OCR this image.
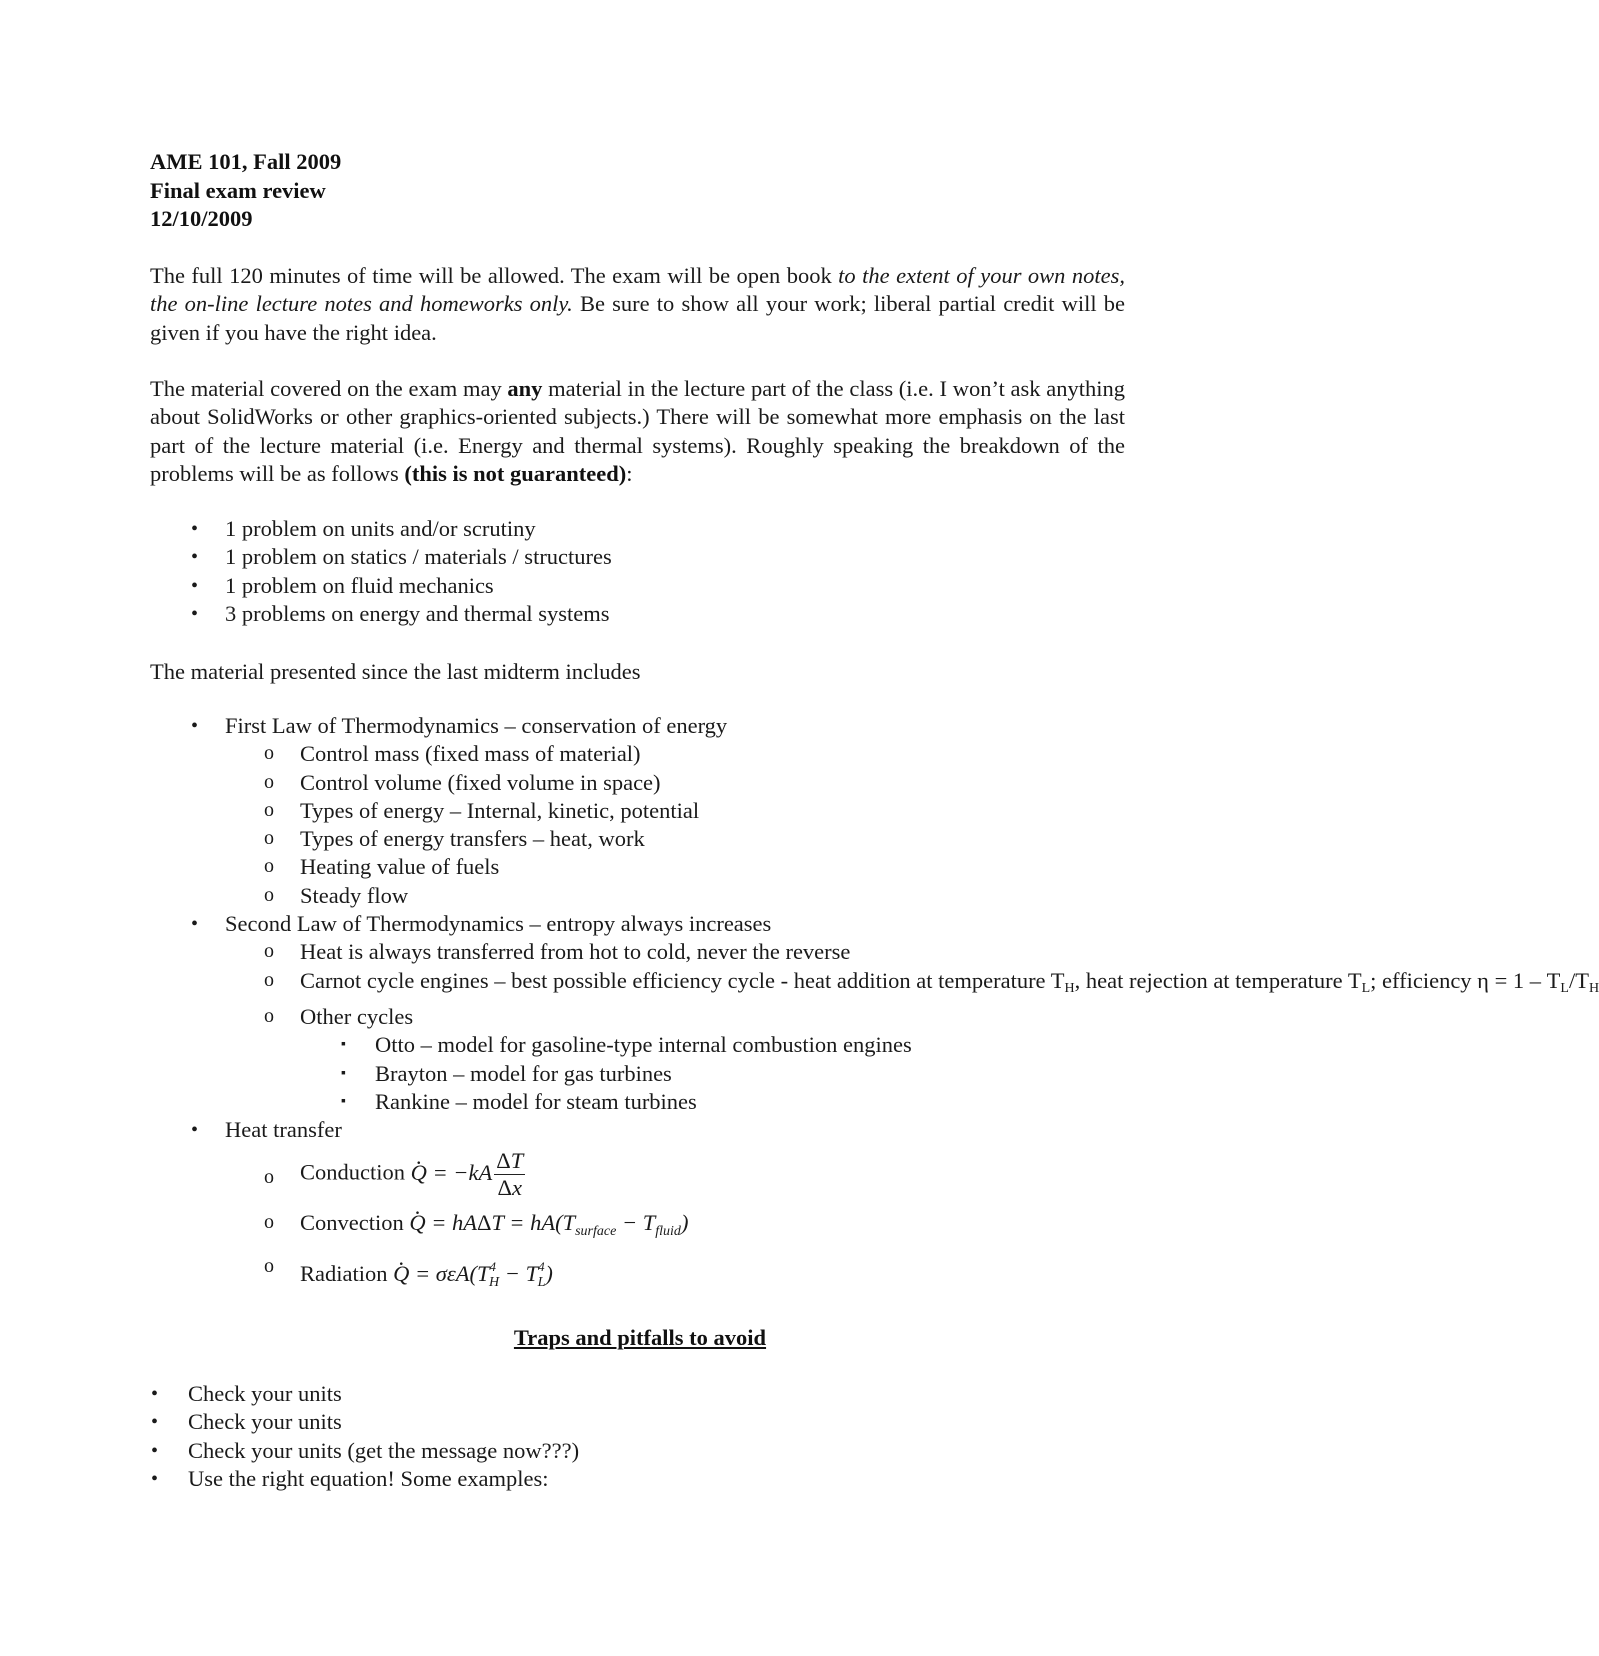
AME 101, Fall 2009
Final exam review
12/10/2009
The full 120 minutes of time will be allowed. The exam will be open book to the extent of your own notes, the on-line lecture notes and homeworks only. Be sure to show all your work; liberal partial credit will be given if you have the right idea.
The material covered on the exam may any material in the lecture part of the class (i.e. I won’t ask anything about SolidWorks or other graphics-oriented subjects.) There will be somewhat more emphasis on the last part of the lecture material (i.e. Energy and thermal systems). Roughly speaking the breakdown of the problems will be as follows (this is not guaranteed):
• 1 problem on units and/or scrutiny
• 1 problem on statics / materials / structures
• 1 problem on fluid mechanics
• 3 problems on energy and thermal systems
The material presented since the last midterm includes
• First Law of Thermodynamics – conservation of energy
o Control mass (fixed mass of material)
o Control volume (fixed volume in space)
o Types of energy – Internal, kinetic, potential
o Types of energy transfers – heat, work
o Heating value of fuels
o Steady flow
• Second Law of Thermodynamics – entropy always increases
o Heat is always transferred from hot to cold, never the reverse
o Carnot cycle engines – best possible efficiency cycle - heat addition at temperature $T_H$, heat rejection at temperature $T_L$; efficiency $\eta = 1 - T_L/T_H$
o Other cycles
▪ Otto – model for gasoline-type internal combustion engines
▪ Brayton – model for gas turbines
▪ Rankine – model for steam turbines
• Heat transfer
o Conduction . $Q = -kA \frac{\Delta T}{\Delta x}$
o Convection . $Q = hA\Delta T = hA(T_{surface} - T_{fluid})$
o Radiation . $Q = \sigma\varepsilon A(T^4_H - T^4_L)$
Traps and pitfalls to avoid
• Check your units
• Check your units
• Check your units (get the message now???)
• Use the right equation! Some examples:
